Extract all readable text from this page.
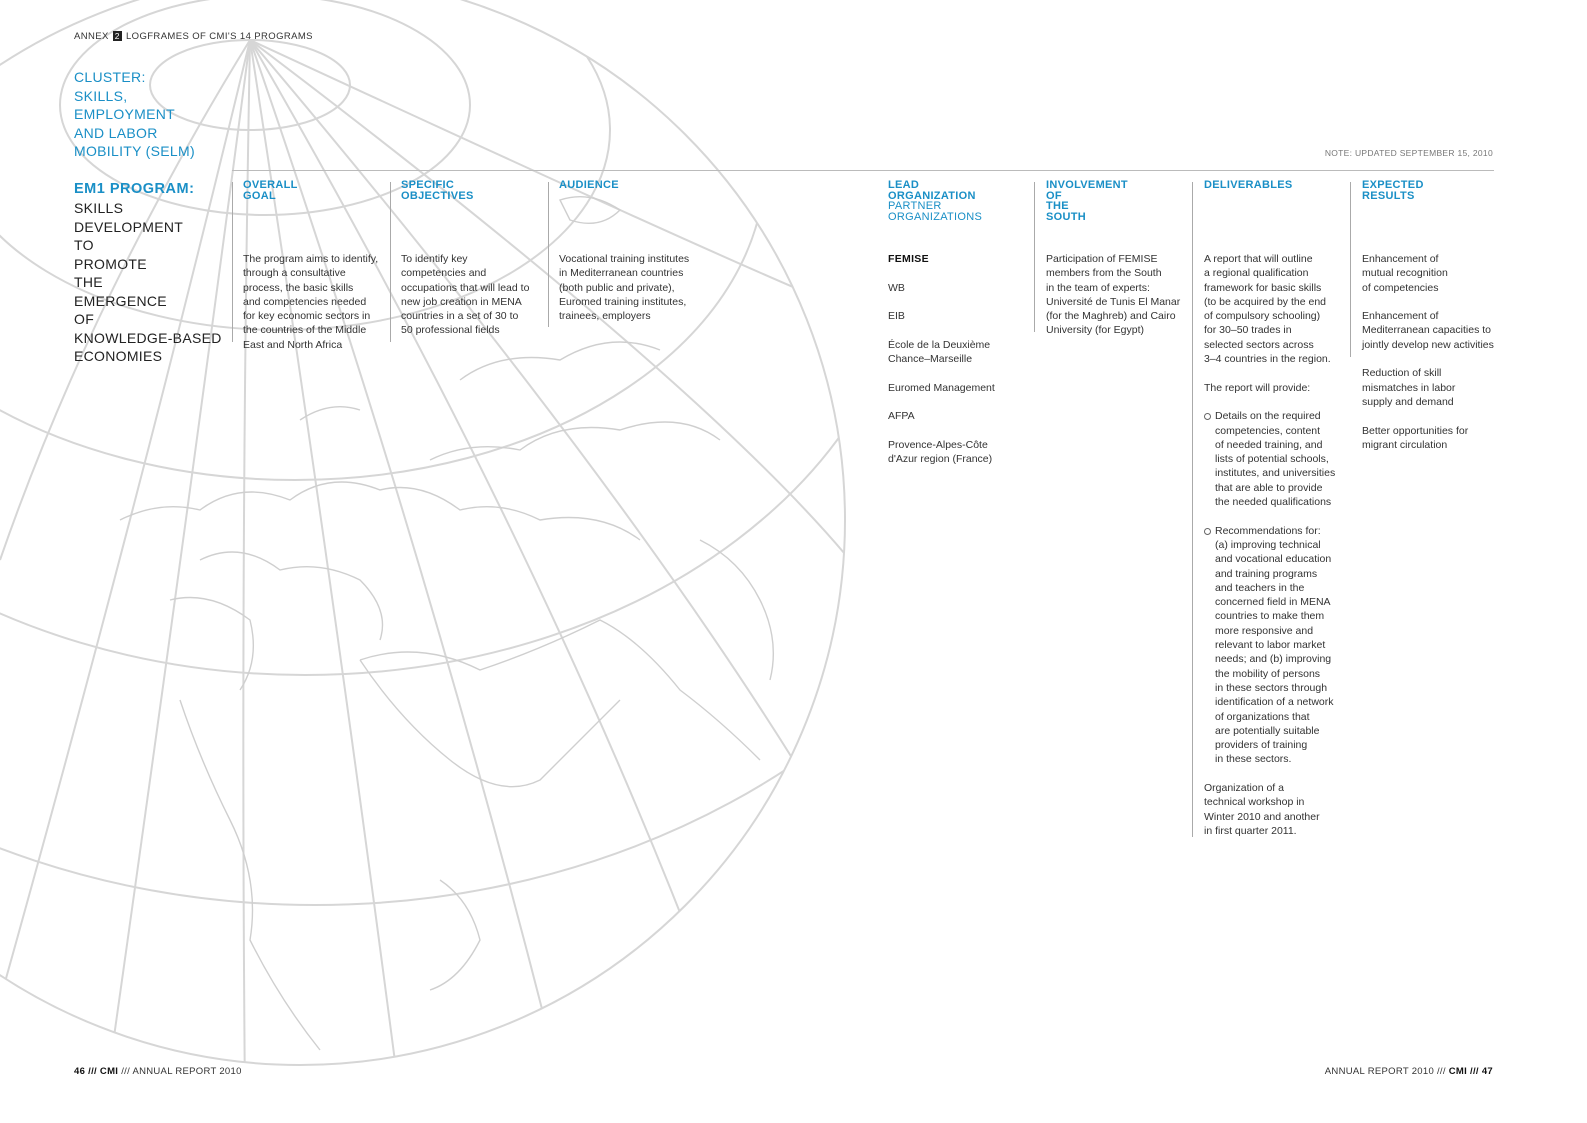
ANNEX 2 LOGFRAMES OF CMI'S 14 PROGRAMS
CLUSTER:
SKILLS,
EMPLOYMENT
AND LABOR
MOBILITY (SELM)	NOTE: UPDATED SEPTEMBER 15, 2010
EM1 PROGRAM:
SKILLS
DEVELOPMENT
TO
PROMOTE
THE
EMERGENCE
OF
KNOWLEDGE-BASED
ECONOMIES
OVERALL
GOAL
The program aims to identify,
through a consultative
process, the basic skills
and competencies needed
for key economic sectors in
the countries of the Middle
East and North Africa
SPECIFIC
OBJECTIVES
To identify key
competencies and
occupations that will lead to
new job creation in MENA
countries in a set of 30 to
50 professional fields
AUDIENCE
Vocational training institutes
in Mediterranean countries
(both public and private),
Euromed training institutes,
trainees, employers
LEAD
ORGANIZATION
PARTNER
ORGANIZATIONS
FEMISE
WB
EIB
École de la Deuxième
Chance–Marseille
Euromed Management
AFPA
Provence-Alpes-Côte
d'Azur region (France)
INVOLVEMENT
OF
THE
SOUTH
Participation of FEMISE
members from the South
in the team of experts:
Université de Tunis El Manar
(for the Maghreb) and Cairo
University (for Egypt)
DELIVERABLES
A report that will outline
a regional qualification
framework for basic skills
(to be acquired by the end
of compulsory schooling)
for 30–50 trades in
selected sectors across
3–4 countries in the region.
The report will provide:
Details on the required
competencies, content
of needed training, and
lists of potential schools,
institutes, and universities
that are able to provide
the needed qualifications
Recommendations for:
(a) improving technical
and vocational education
and training programs
and teachers in the
concerned field in MENA
countries to make them
more responsive and
relevant to labor market
needs; and (b) improving
the mobility of persons
in these sectors through
identification of a network
of organizations that
are potentially suitable
providers of training
in these sectors.
Organization of a
technical workshop in
Winter 2010 and another
in first quarter 2011.
EXPECTED
RESULTS
Enhancement of
mutual recognition
of competencies
Enhancement of
Mediterranean capacities to
jointly develop new activities
Reduction of skill
mismatches in labor
supply and demand
Better opportunities for
migrant circulation
46 /// CMI /// ANNUAL REPORT 2010	ANNUAL REPORT 2010 /// CMI /// 47
